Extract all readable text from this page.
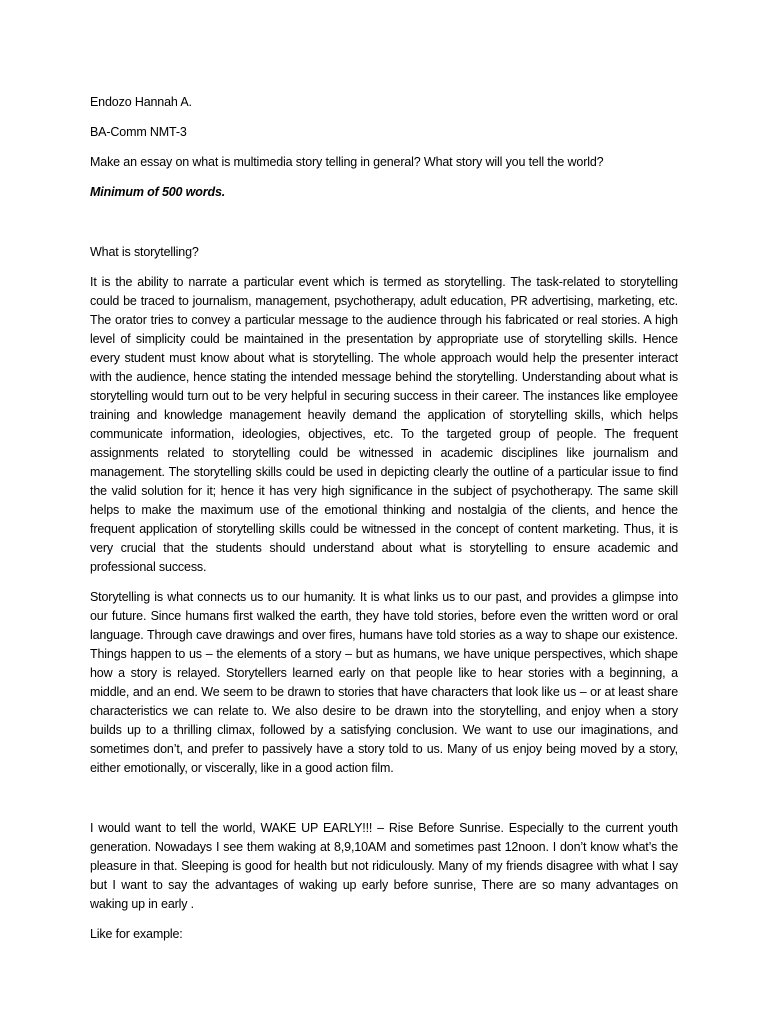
Endozo Hannah A.

BA-Comm NMT-3

Make an essay on what is multimedia story telling in general? What story will you tell the world?

Minimum of 500 words.

What is storytelling?

It is the ability to narrate a particular event which is termed as storytelling. The task-related to storytelling could be traced to journalism, management, psychotherapy, adult education, PR advertising, marketing, etc. The orator tries to convey a particular message to the audience through his fabricated or real stories. A high level of simplicity could be maintained in the presentation by appropriate use of storytelling skills. Hence every student must know about what is storytelling. The whole approach would help the presenter interact with the audience, hence stating the intended message behind the storytelling. Understanding about what is storytelling would turn out to be very helpful in securing success in their career. The instances like employee training and knowledge management heavily demand the application of storytelling skills, which helps communicate information, ideologies, objectives, etc. To the targeted group of people. The frequent assignments related to storytelling could be witnessed in academic disciplines like journalism and management. The storytelling skills could be used in depicting clearly the outline of a particular issue to find the valid solution for it; hence it has very high significance in the subject of psychotherapy. The same skill helps to make the maximum use of the emotional thinking and nostalgia of the clients, and hence the frequent application of storytelling skills could be witnessed in the concept of content marketing. Thus, it is very crucial that the students should understand about what is storytelling to ensure academic and professional success.

Storytelling is what connects us to our humanity. It is what links us to our past, and provides a glimpse into our future. Since humans first walked the earth, they have told stories, before even the written word or oral language. Through cave drawings and over fires, humans have told stories as a way to shape our existence. Things happen to us – the elements of a story – but as humans, we have unique perspectives, which shape how a story is relayed. Storytellers learned early on that people like to hear stories with a beginning, a middle, and an end. We seem to be drawn to stories that have characters that look like us – or at least share characteristics we can relate to. We also desire to be drawn into the storytelling, and enjoy when a story builds up to a thrilling climax, followed by a satisfying conclusion. We want to use our imaginations, and sometimes don’t, and prefer to passively have a story told to us. Many of us enjoy being moved by a story, either emotionally, or viscerally, like in a good action film.

I would want to tell the world, WAKE UP EARLY!!! – Rise Before Sunrise. Especially to the current youth generation. Nowadays I see them waking at 8,9,10AM and sometimes past 12noon. I don’t know what’s the pleasure in that. Sleeping is good for health but not ridiculously. Many of my friends disagree with what I say but I want to say the advantages of waking up early before sunrise, There are so many advantages on waking up in early .

Like for example:
